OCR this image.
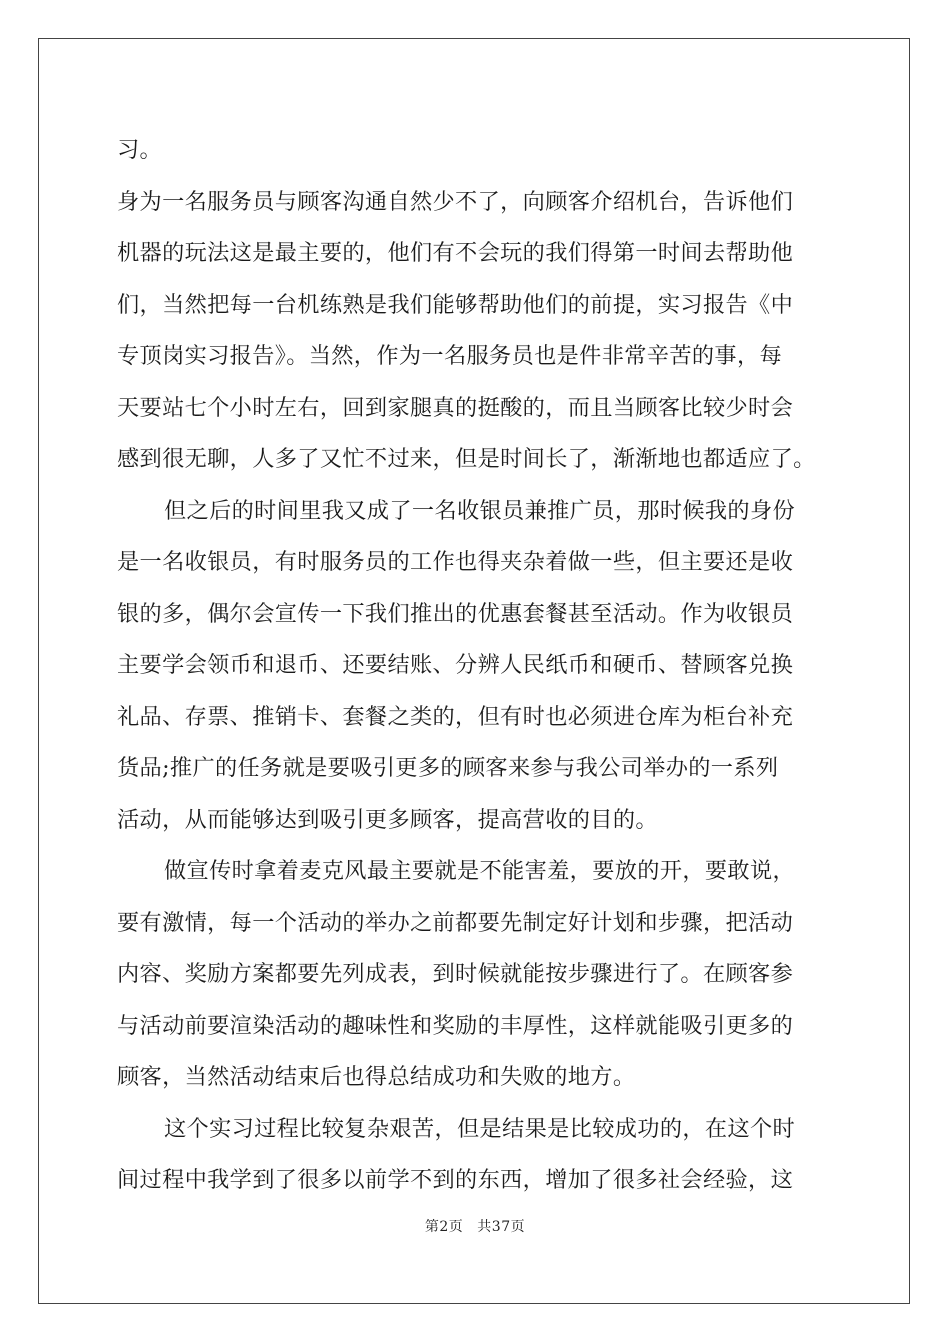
习。
身为一名服务员与顾客沟通自然少不了，向顾客介绍机台，告诉他们
机器的玩法这是最主要的，他们有不会玩的我们得第一时间去帮助他
们，当然把每一台机练熟是我们能够帮助他们的前提，实习报告《中
专顶岗实习报告》。当然，作为一名服务员也是件非常辛苦的事，每
天要站七个小时左右，回到家腿真的挺酸的，而且当顾客比较少时会
感到很无聊，人多了又忙不过来，但是时间长了，渐渐地也都适应了。
但之后的时间里我又成了一名收银员兼推广员，那时候我的身份
是一名收银员，有时服务员的工作也得夹杂着做一些，但主要还是收
银的多，偶尔会宣传一下我们推出的优惠套餐甚至活动。作为收银员
主要学会领币和退币、还要结账、分辨人民纸币和硬币、替顾客兑换
礼品、存票、推销卡、套餐之类的，但有时也必须进仓库为柜台补充
货品;推广的任务就是要吸引更多的顾客来参与我公司举办的一系列
活动，从而能够达到吸引更多顾客，提高营收的目的。
做宣传时拿着麦克风最主要就是不能害羞，要放的开，要敢说，
要有激情，每一个活动的举办之前都要先制定好计划和步骤，把活动
内容、奖励方案都要先列成表，到时候就能按步骤进行了。在顾客参
与活动前要渲染活动的趣味性和奖励的丰厚性，这样就能吸引更多的
顾客，当然活动结束后也得总结成功和失败的地方。
这个实习过程比较复杂艰苦，但是结果是比较成功的，在这个时
间过程中我学到了很多以前学不到的东西，增加了很多社会经验，这
第2页 共37页
